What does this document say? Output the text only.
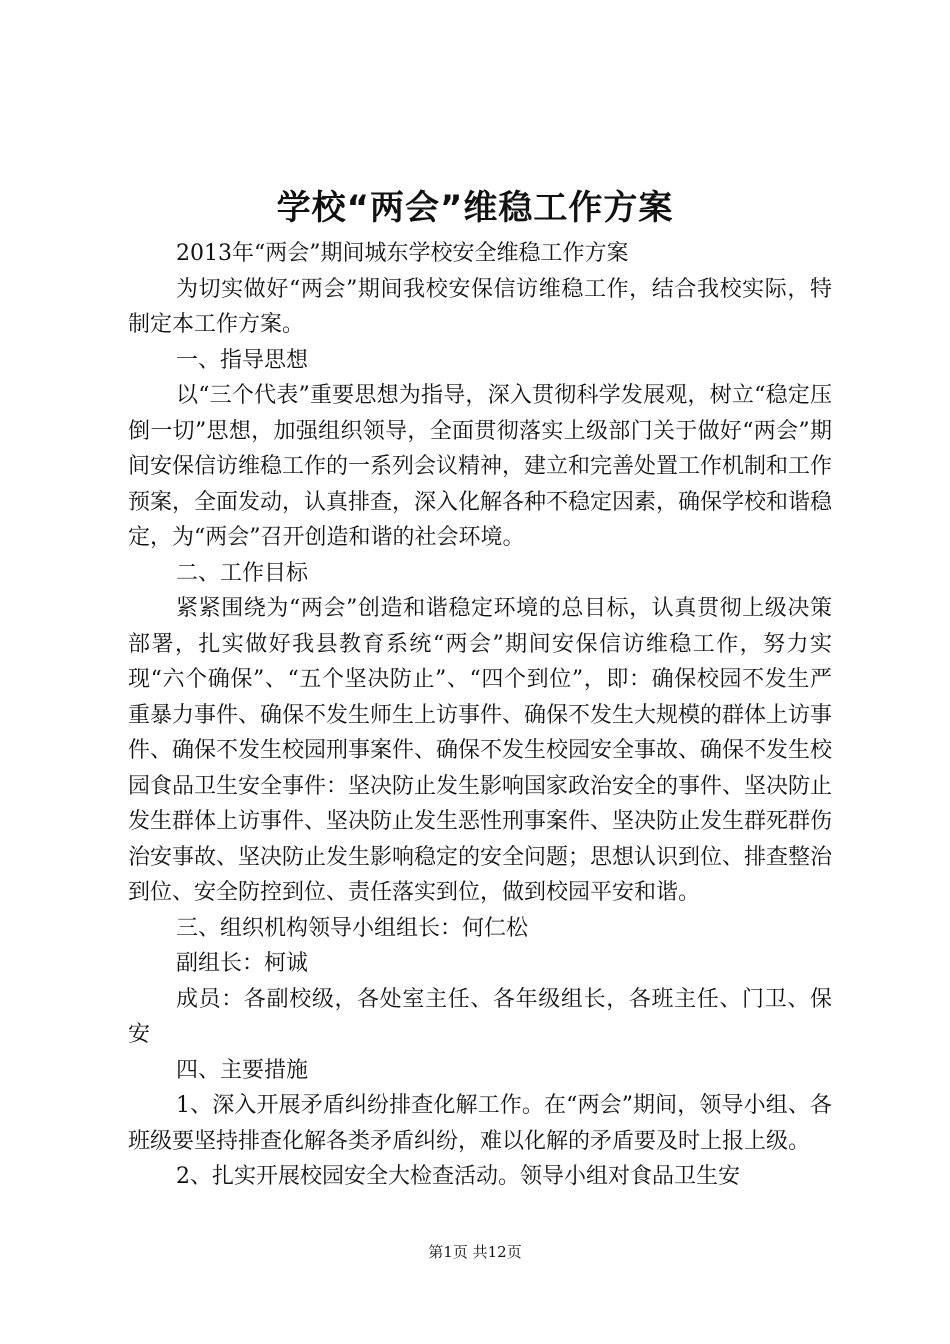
学校“两会”维稳工作方案

2013年“两会”期间城东学校安全维稳工作方案

为切实做好“两会”期间我校安保信访维稳工作，结合我校实际，特制定本工作方案。

一、指导思想

以“三个代表”重要思想为指导，深入贯彻科学发展观，树立“稳定压倒一切”思想，加强组织领导，全面贯彻落实上级部门关于做好“两会”期间安保信访维稳工作的一系列会议精神，建立和完善处置工作机制和工作预案，全面发动，认真排查，深入化解各种不稳定因素，确保学校和谐稳定，为“两会”召开创造和谐的社会环境。

二、工作目标

紧紧围绕为“两会”创造和谐稳定环境的总目标，认真贯彻上级决策部署，扎实做好我县教育系统“两会”期间安保信访维稳工作，努力实现“六个确保”、“五个坚决防止”、“四个到位”，即：确保校园不发生严重暴力事件、确保不发生师生上访事件、确保不发生大规模的群体上访事件、确保不发生校园刑事案件、确保不发生校园安全事故、确保不发生校园食品卫生安全事件：坚决防止发生影响国家政治安全的事件、坚决防止发生群体上访事件、坚决防止发生恶性刑事案件、坚决防止发生群死群伤治安事故、坚决防止发生影响稳定的安全问题；思想认识到位、排查整治到位、安全防控到位、责任落实到位，做到校园平安和谐。

三、组织机构领导小组组长：何仁松

副组长：柯诚

成员：各副校级，各处室主任、各年级组长，各班主任、门卫、保安

四、主要措施

1、深入开展矛盾纠纷排查化解工作。在“两会”期间，领导小组、各班级要坚持排查化解各类矛盾纠纷，难以化解的矛盾要及时上报上级。

2、扎实开展校园安全大检查活动。领导小组对食品卫生安

第1页 共12页
